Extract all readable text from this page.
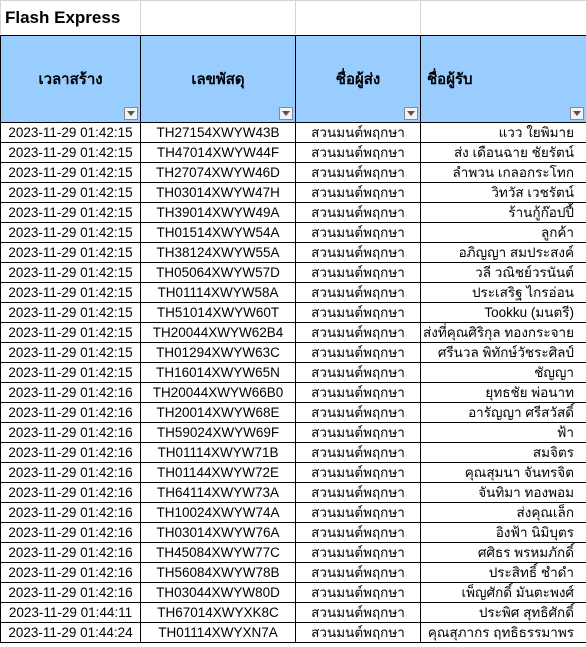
Flash Express			

เวลาสร้าง	เลขพัสดุ	ชื่อผู้ส่ง	ชื่อผู้รับ

2023-11-29 01:42:15	TH27154XWYW43B	สวนมนต์พฤกษา	แวว ใยพิมาย
2023-11-29 01:42:15	TH47014XWYW44F	สวนมนต์พฤกษา	ส่ง เดือนฉาย ชัยรัตน์
2023-11-29 01:42:15	TH27074XWYW46D	สวนมนต์พฤกษา	ลำพวน เกลอกระโทก
2023-11-29 01:42:15	TH03014XWYW47H	สวนมนต์พฤกษา	วิทวัส เวชรัตน์
2023-11-29 01:42:15	TH39014XWYW49A	สวนมนต์พฤกษา	ร้านกู้ก๊อปปี้
2023-11-29 01:42:15	TH01514XWYW54A	สวนมนต์พฤกษา	ลูกค้า
2023-11-29 01:42:15	TH38124XWYW55A	สวนมนต์พฤกษา	อภิญญา สมประสงค์
2023-11-29 01:42:15	TH05064XWYW57D	สวนมนต์พฤกษา	วลี วณิชย์วรนันต์
2023-11-29 01:42:15	TH01114XWYW58A	สวนมนต์พฤกษา	ประเสริฐ ไกรอ่อน
2023-11-29 01:42:15	TH51014XWYW60T	สวนมนต์พฤกษา	Tookku (มนตรี)
2023-11-29 01:42:15	TH20044XWYW62B4	สวนมนต์พฤกษา	ส่งที่คุณศิริกุล ทองกระจาย
2023-11-29 01:42:15	TH01294XWYW63C	สวนมนต์พฤกษา	ศรีนวล พิทักษ์วัชระศิลป์
2023-11-29 01:42:15	TH16014XWYW65N	สวนมนต์พฤกษา	ชัญญา
2023-11-29 01:42:16	TH20044XWYW66B0	สวนมนต์พฤกษา	ยุทธชัย พ่อนาท
2023-11-29 01:42:16	TH20014XWYW68E	สวนมนต์พฤกษา	อารัญญา ศรีสวัสดิ์
2023-11-29 01:42:16	TH59024XWYW69F	สวนมนต์พฤกษา	ฟ้า
2023-11-29 01:42:16	TH01114XWYW71B	สวนมนต์พฤกษา	สมจิตร
2023-11-29 01:42:16	TH01144XWYW72E	สวนมนต์พฤกษา	คุณสุมนา จันทรจิต
2023-11-29 01:42:16	TH64114XWYW73A	สวนมนต์พฤกษา	จันทิมา ทองพอม
2023-11-29 01:42:16	TH10024XWYW74A	สวนมนต์พฤกษา	ส่งคุณเล็ก
2023-11-29 01:42:16	TH03014XWYW76A	สวนมนต์พฤกษา	อิงฟ้า นิมิบุตร
2023-11-29 01:42:16	TH45084XWYW77C	สวนมนต์พฤกษา	ศศิธร พรหมภักดิ์
2023-11-29 01:42:16	TH56084XWYW78B	สวนมนต์พฤกษา	ประสิทธิ์ ชำดำ
2023-11-29 01:42:16	TH03044XWYW80D	สวนมนต์พฤกษา	เพ็ญศักดิ์ มันตะพงศ์
2023-11-29 01:44:11	TH67014XWYXK8C	สวนมนต์พฤกษา	ประพิศ สุทธิศักดิ์
2023-11-29 01:44:24	TH01114XWYXN7A	สวนมนต์พฤกษา	คุณสุภากร ฤทธิธรรมาพร
